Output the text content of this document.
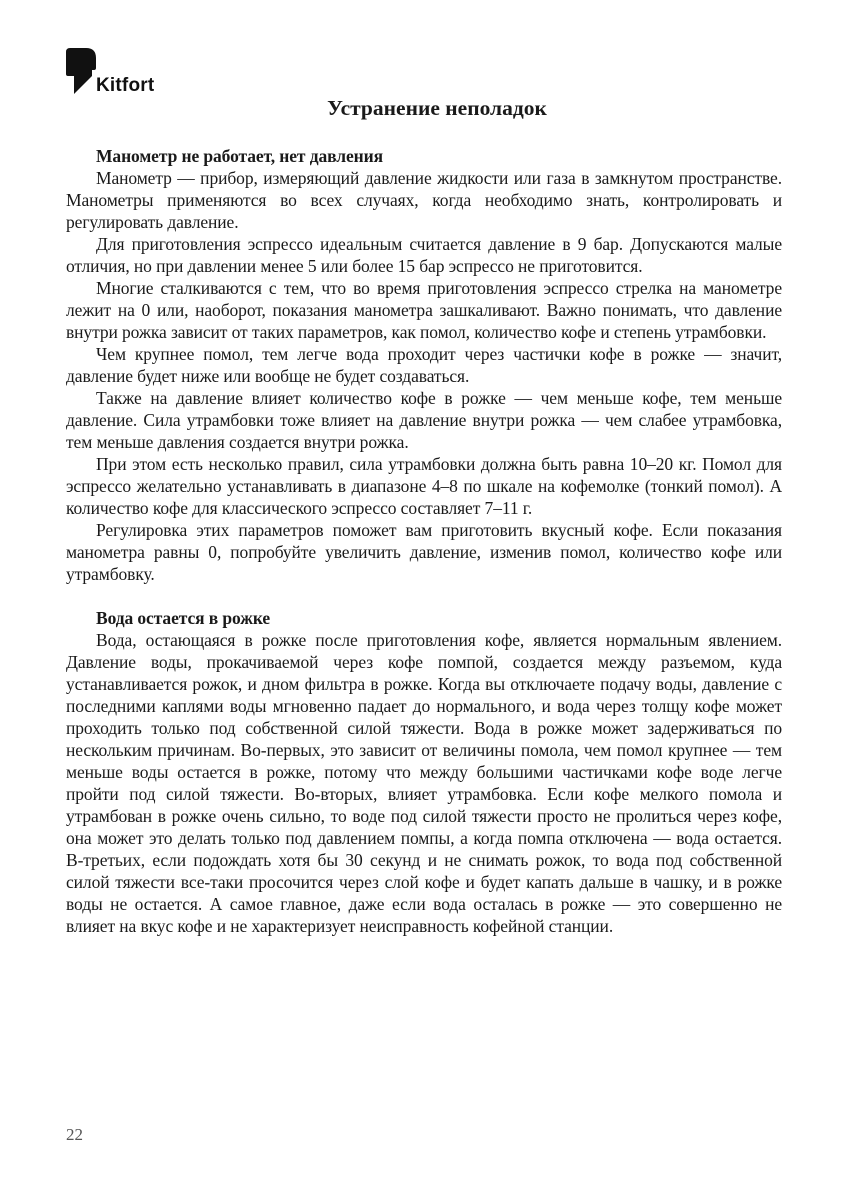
Kitfort
Устранение неполадок

Манометр не работает, нет давления

Манометр — прибор, измеряющий давление жидкости или газа в замкнутом пространстве. Манометры применяются во всех случаях, когда необходимо знать, контролировать и регулировать давление.

Для приготовления эспрессо идеальным считается давление в 9 бар. Допускаются малые отличия, но при давлении менее 5 или более 15 бар эспрессо не приготовится.

Многие сталкиваются с тем, что во время приготовления эспрессо стрелка на манометре лежит на 0 или, наоборот, показания манометра зашкаливают. Важно понимать, что давление внутри рожка зависит от таких параметров, как помол, количество кофе и степень утрамбовки.

Чем крупнее помол, тем легче вода проходит через частички кофе в рожке — значит, давление будет ниже или вообще не будет создаваться.

Также на давление влияет количество кофе в рожке — чем меньше кофе, тем меньше давление. Сила утрамбовки тоже влияет на давление внутри рожка — чем слабее утрамбовка, тем меньше давления создается внутри рожка.

При этом есть несколько правил, сила утрамбовки должна быть равна 10–20 кг. Помол для эспрессо желательно устанавливать в диапазоне 4–8 по шкале на кофемолке (тонкий помол). А количество кофе для классического эспрессо составляет 7–11 г.

Регулировка этих параметров поможет вам приготовить вкусный кофе. Если показания манометра равны 0, попробуйте увеличить давление, изменив помол, количество кофе или утрамбовку.

Вода остается в рожке

Вода, остающаяся в рожке после приготовления кофе, является нормальным явлением. Давление воды, прокачиваемой через кофе помпой, создается между разъемом, куда устанавливается рожок, и дном фильтра в рожке. Когда вы отключаете подачу воды, давление с последними каплями воды мгновенно падает до нормального, и вода через толщу кофе может проходить только под собственной силой тяжести. Вода в рожке может задерживаться по нескольким причинам. Во-первых, это зависит от величины помола, чем помол крупнее — тем меньше воды остается в рожке, потому что между большими частичками кофе воде легче пройти под силой тяжести. Во-вторых, влияет утрамбовка. Если кофе мелкого помола и утрамбован в рожке очень сильно, то воде под силой тяжести просто не пролиться через кофе, она может это делать только под давлением помпы, а когда помпа отключена — вода остается. В-третьих, если подождать хотя бы 30 секунд и не снимать рожок, то вода под собственной силой тяжести все-таки просочится через слой кофе и будет капать дальше в чашку, и в рожке воды не остается. А самое главное, даже если вода осталась в рожке — это совершенно не влияет на вкус кофе и не характеризует неисправность кофейной станции.

22
